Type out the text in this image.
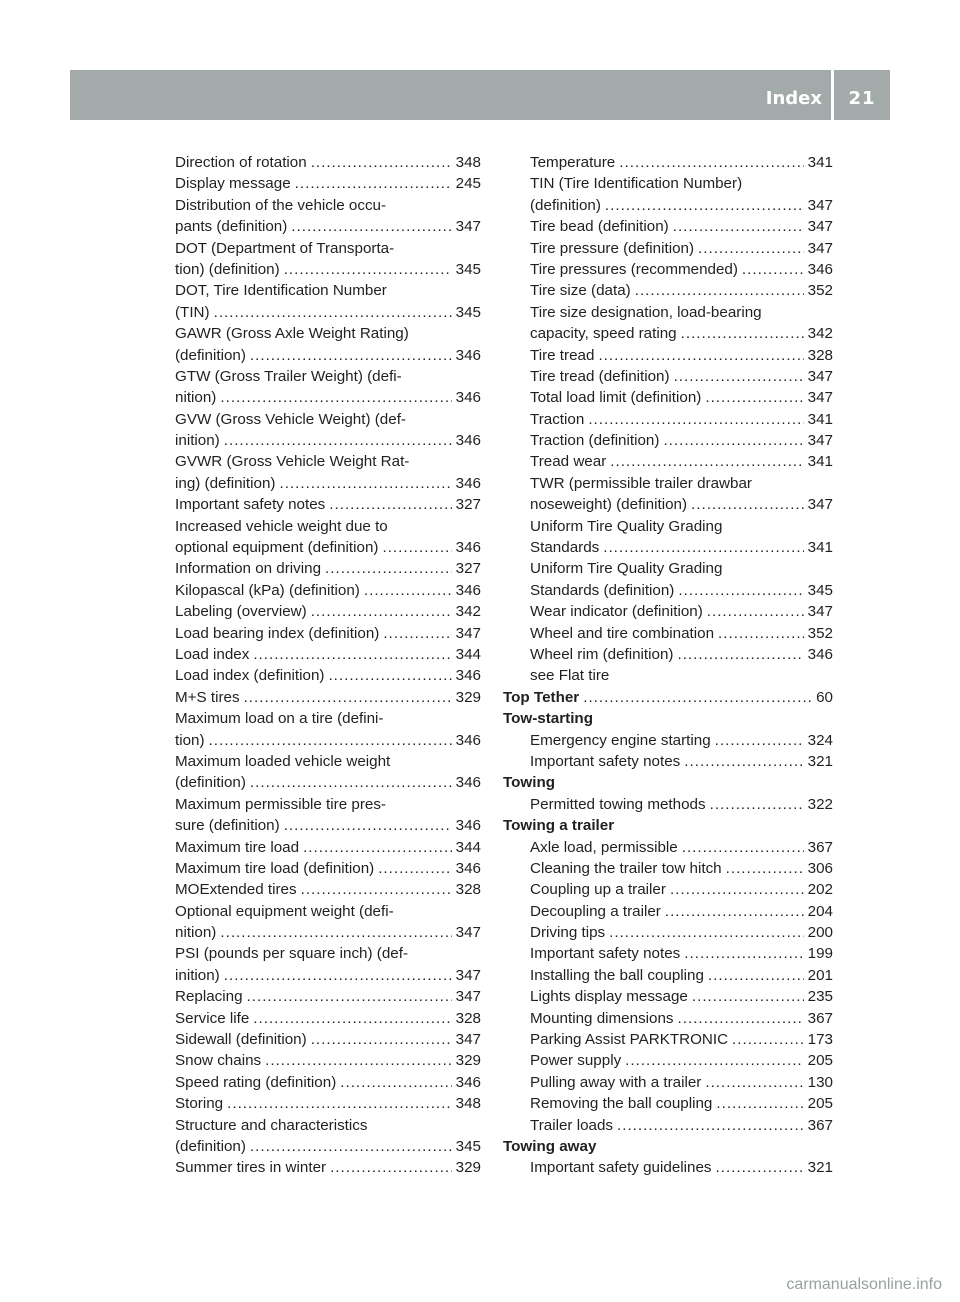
Index	21
Direction of rotation .....	348
Display message .....	245
Distribution of the vehicle occu-
pants (definition) .....	347
DOT (Department of Transporta-
tion) (definition) .....	345
DOT, Tire Identification Number
(TIN) .....	345
GAWR (Gross Axle Weight Rating)
(definition) .....	346
GTW (Gross Trailer Weight) (defi-
nition) .....	346
GVW (Gross Vehicle Weight) (def-
inition) .....	346
GVWR (Gross Vehicle Weight Rat-
ing) (definition) .....	346
Important safety notes .....	327
Increased vehicle weight due to
optional equipment (definition) .....	346
Information on driving .....	327
Kilopascal (kPa) (definition) .....	346
Labeling (overview) .....	342
Load bearing index (definition) .....	347
Load index .....	344
Load index (definition) .....	346
M+S tires .....	329
Maximum load on a tire (defini-
tion) .....	346
Maximum loaded vehicle weight
(definition) .....	346
Maximum permissible tire pres-
sure (definition) .....	346
Maximum tire load .....	344
Maximum tire load (definition) .....	346
MOExtended tires .....	328
Optional equipment weight (defi-
nition) .....	347
PSI (pounds per square inch) (def-
inition) .....	347
Replacing .....	347
Service life .....	328
Sidewall (definition) .....	347
Snow chains .....	329
Speed rating (definition) .....	346
Storing .....	348
Structure and characteristics
(definition) .....	345
Summer tires in winter .....	329
Temperature .....	341
TIN (Tire Identification Number)
(definition) .....	347
Tire bead (definition) .....	347
Tire pressure (definition) .....	347
Tire pressures (recommended) .....	346
Tire size (data) .....	352
Tire size designation, load-bearing
capacity, speed rating .....	342
Tire tread .....	328
Tire tread (definition) .....	347
Total load limit (definition) .....	347
Traction .....	341
Traction (definition) .....	347
Tread wear .....	341
TWR (permissible trailer drawbar
noseweight) (definition) .....	347
Uniform Tire Quality Grading
Standards .....	341
Uniform Tire Quality Grading
Standards (definition) .....	345
Wear indicator (definition) .....	347
Wheel and tire combination .....	352
Wheel rim (definition) .....	346
see Flat tire
Top Tether .....	60
Tow-starting
Emergency engine starting .....	324
Important safety notes .....	321
Towing
Permitted towing methods .....	322
Towing a trailer
Axle load, permissible .....	367
Cleaning the trailer tow hitch .....	306
Coupling up a trailer .....	202
Decoupling a trailer .....	204
Driving tips .....	200
Important safety notes .....	199
Installing the ball coupling .....	201
Lights display message .....	235
Mounting dimensions .....	367
Parking Assist PARKTRONIC .....	173
Power supply .....	205
Pulling away with a trailer .....	130
Removing the ball coupling .....	205
Trailer loads .....	367
Towing away
Important safety guidelines .....	321
carmanualsonline.info
